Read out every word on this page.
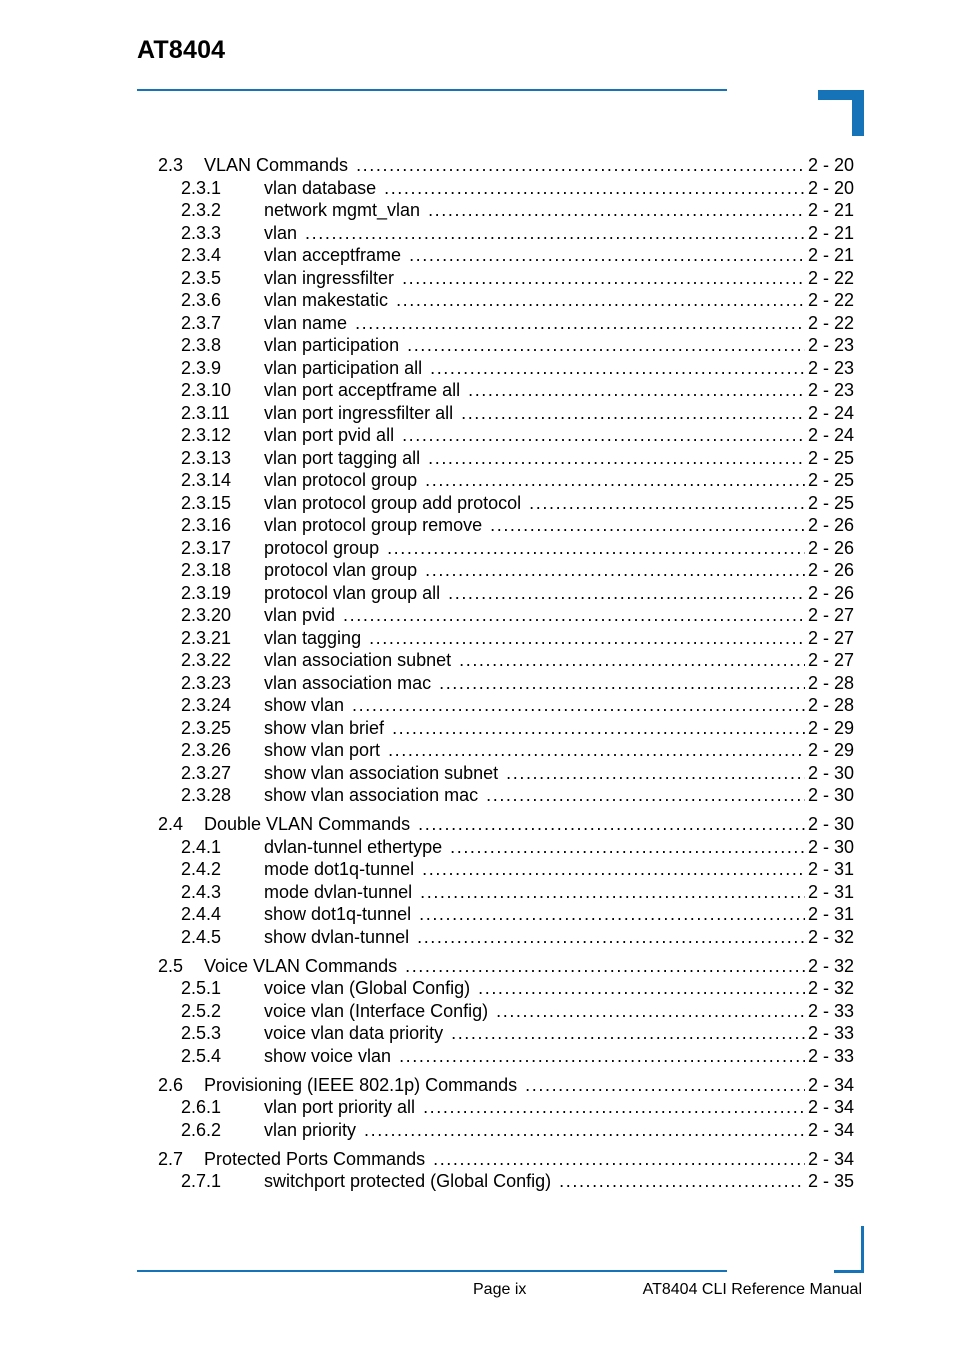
AT8404
2.3	VLAN Commands . . .	2 - 20
2.3.1	vlan database . . .	2 - 20
2.3.2	network mgmt_vlan . . .	2 - 21
2.3.3	vlan . . .	2 - 21
2.3.4	vlan acceptframe . . .	2 - 21
2.3.5	vlan ingressfilter . . .	2 - 22
2.3.6	vlan makestatic . . .	2 - 22
2.3.7	vlan name . . .	2 - 22
2.3.8	vlan participation . . .	2 - 23
2.3.9	vlan participation all . . .	2 - 23
2.3.10	vlan port acceptframe all . . .	2 - 23
2.3.11	vlan port ingressfilter all . . .	2 - 24
2.3.12	vlan port pvid all . . .	2 - 24
2.3.13	vlan port tagging all . . .	2 - 25
2.3.14	vlan protocol group . . .	2 - 25
2.3.15	vlan protocol group add protocol . . .	2 - 25
2.3.16	vlan protocol group remove . . .	2 - 26
2.3.17	protocol group . . .	2 - 26
2.3.18	protocol vlan group . . .	2 - 26
2.3.19	protocol vlan group all . . .	2 - 26
2.3.20	vlan pvid . . .	2 - 27
2.3.21	vlan tagging . . .	2 - 27
2.3.22	vlan association subnet . . .	2 - 27
2.3.23	vlan association mac . . .	2 - 28
2.3.24	show vlan . . .	2 - 28
2.3.25	show vlan brief . . .	2 - 29
2.3.26	show vlan port . . .	2 - 29
2.3.27	show vlan association subnet . . .	2 - 30
2.3.28	show vlan association mac . . .	2 - 30
2.4	Double VLAN Commands . . .	2 - 30
2.4.1	dvlan-tunnel ethertype . . .	2 - 30
2.4.2	mode dot1q-tunnel . . .	2 - 31
2.4.3	mode dvlan-tunnel . . .	2 - 31
2.4.4	show dot1q-tunnel . . .	2 - 31
2.4.5	show dvlan-tunnel . . .	2 - 32
2.5	Voice VLAN Commands . . .	2 - 32
2.5.1	voice vlan (Global Config) . . .	2 - 32
2.5.2	voice vlan (Interface Config) . . .	2 - 33
2.5.3	voice vlan data priority . . .	2 - 33
2.5.4	show voice vlan . . .	2 - 33
2.6	Provisioning (IEEE 802.1p) Commands . . .	2 - 34
2.6.1	vlan port priority all . . .	2 - 34
2.6.2	vlan priority . . .	2 - 34
2.7	Protected Ports Commands . . .	2 - 34
2.7.1	switchport protected (Global Config) . . .	2 - 35
Page ix	AT8404 CLI Reference Manual
